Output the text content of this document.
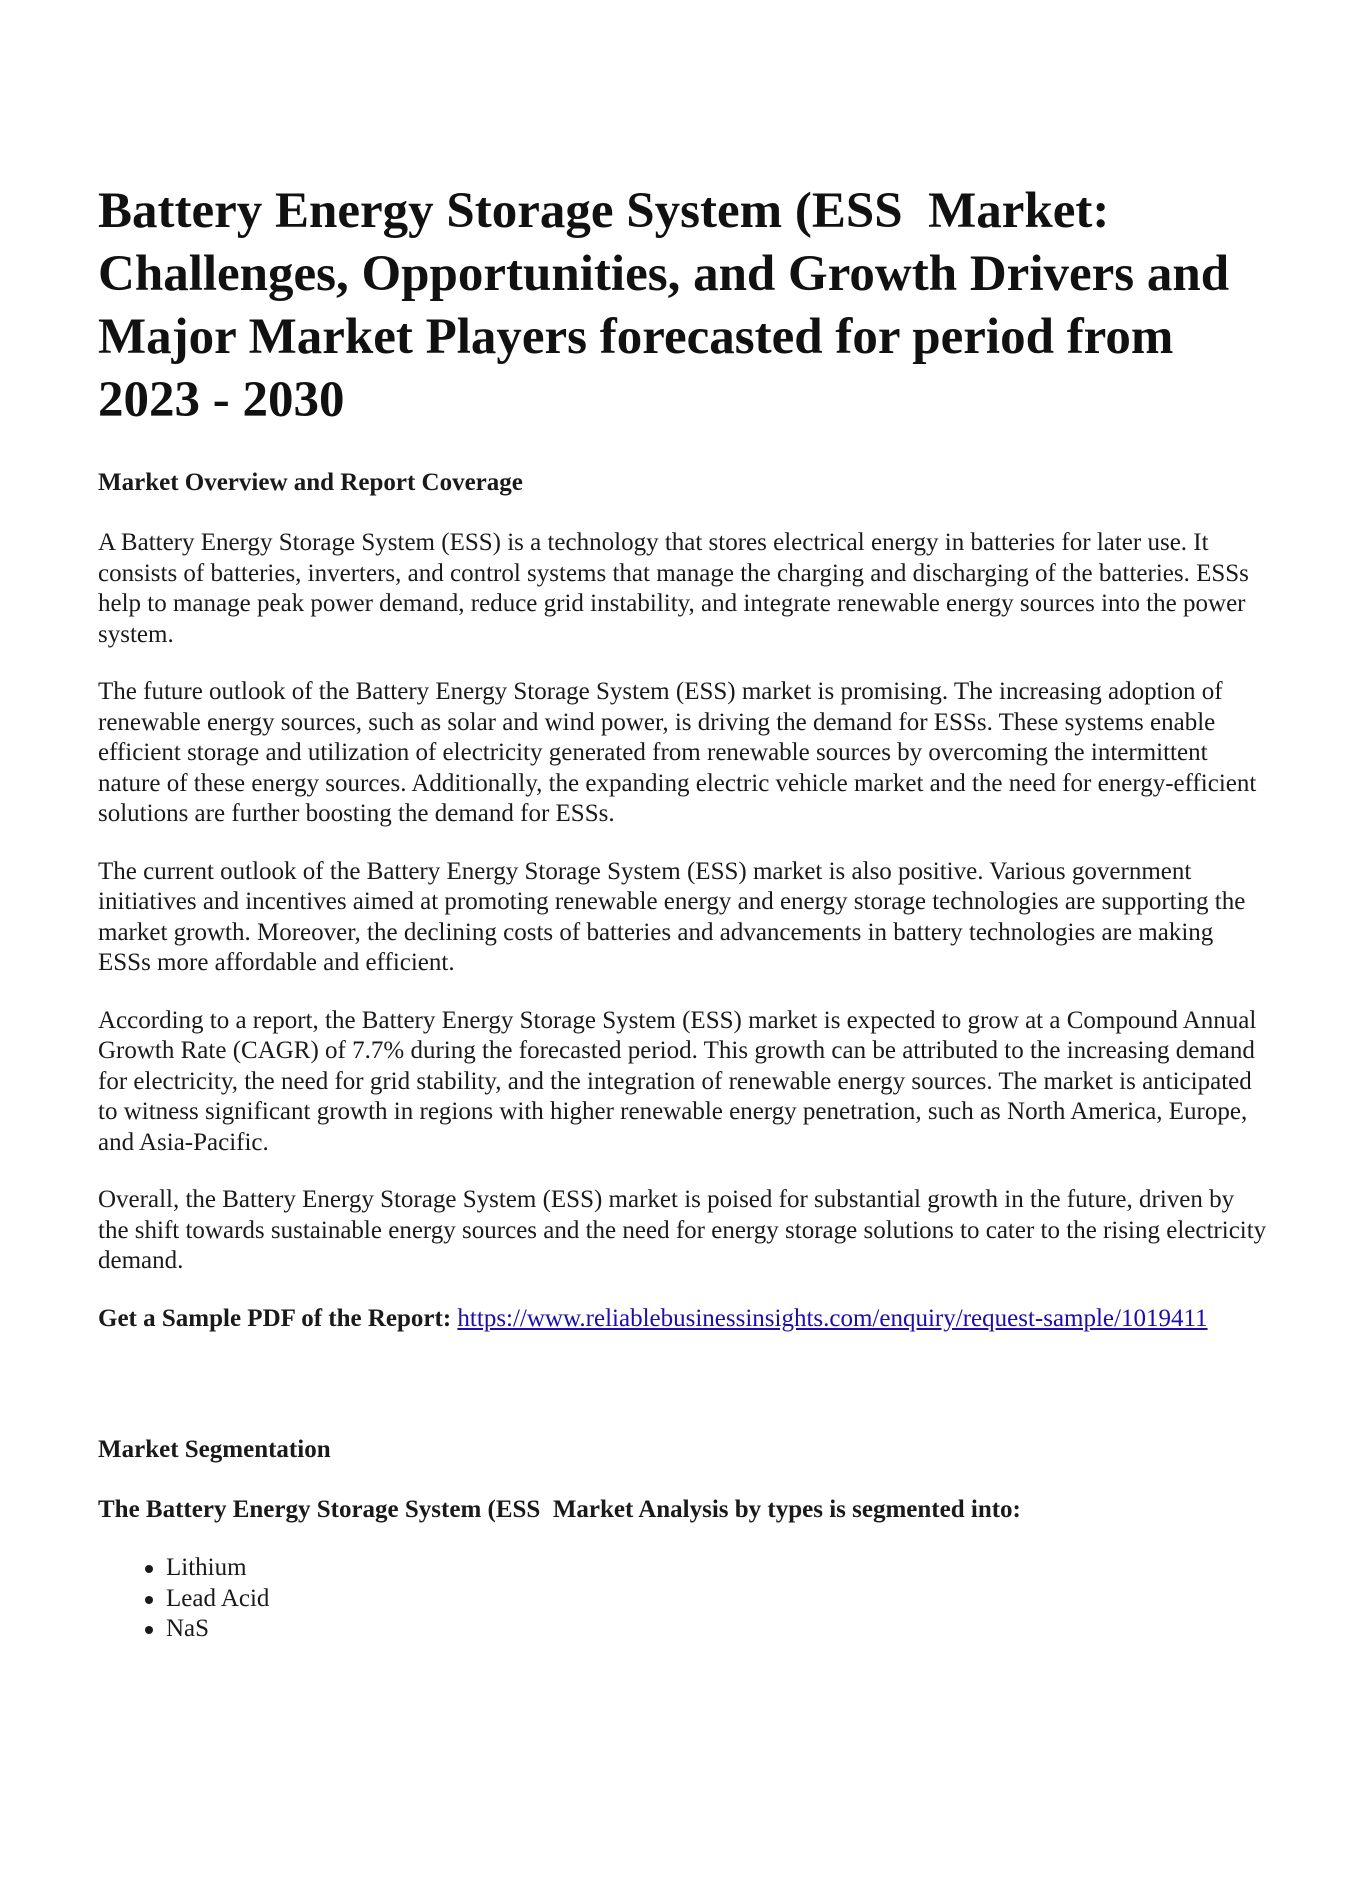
Battery Energy Storage System (ESS  Market: Challenges, Opportunities, and Growth Drivers and Major Market Players forecasted for period from 2023 - 2030
Market Overview and Report Coverage

A Battery Energy Storage System (ESS) is a technology that stores electrical energy in batteries for later use. It consists of batteries, inverters, and control systems that manage the charging and discharging of the batteries. ESSs help to manage peak power demand, reduce grid instability, and integrate renewable energy sources into the power system.

The future outlook of the Battery Energy Storage System (ESS) market is promising. The increasing adoption of renewable energy sources, such as solar and wind power, is driving the demand for ESSs. These systems enable efficient storage and utilization of electricity generated from renewable sources by overcoming the intermittent nature of these energy sources. Additionally, the expanding electric vehicle market and the need for energy-efficient solutions are further boosting the demand for ESSs.

The current outlook of the Battery Energy Storage System (ESS) market is also positive. Various government initiatives and incentives aimed at promoting renewable energy and energy storage technologies are supporting the market growth. Moreover, the declining costs of batteries and advancements in battery technologies are making ESSs more affordable and efficient.

According to a report, the Battery Energy Storage System (ESS) market is expected to grow at a Compound Annual Growth Rate (CAGR) of 7.7% during the forecasted period. This growth can be attributed to the increasing demand for electricity, the need for grid stability, and the integration of renewable energy sources. The market is anticipated to witness significant growth in regions with higher renewable energy penetration, such as North America, Europe, and Asia-Pacific.

Overall, the Battery Energy Storage System (ESS) market is poised for substantial growth in the future, driven by the shift towards sustainable energy sources and the need for energy storage solutions to cater to the rising electricity demand.

Get a Sample PDF of the Report: https://www.reliablebusinessinsights.com/enquiry/request-sample/1019411
Market Segmentation
The Battery Energy Storage System (ESS  Market Analysis by types is segmented into:
Lithium
Lead Acid
NaS
